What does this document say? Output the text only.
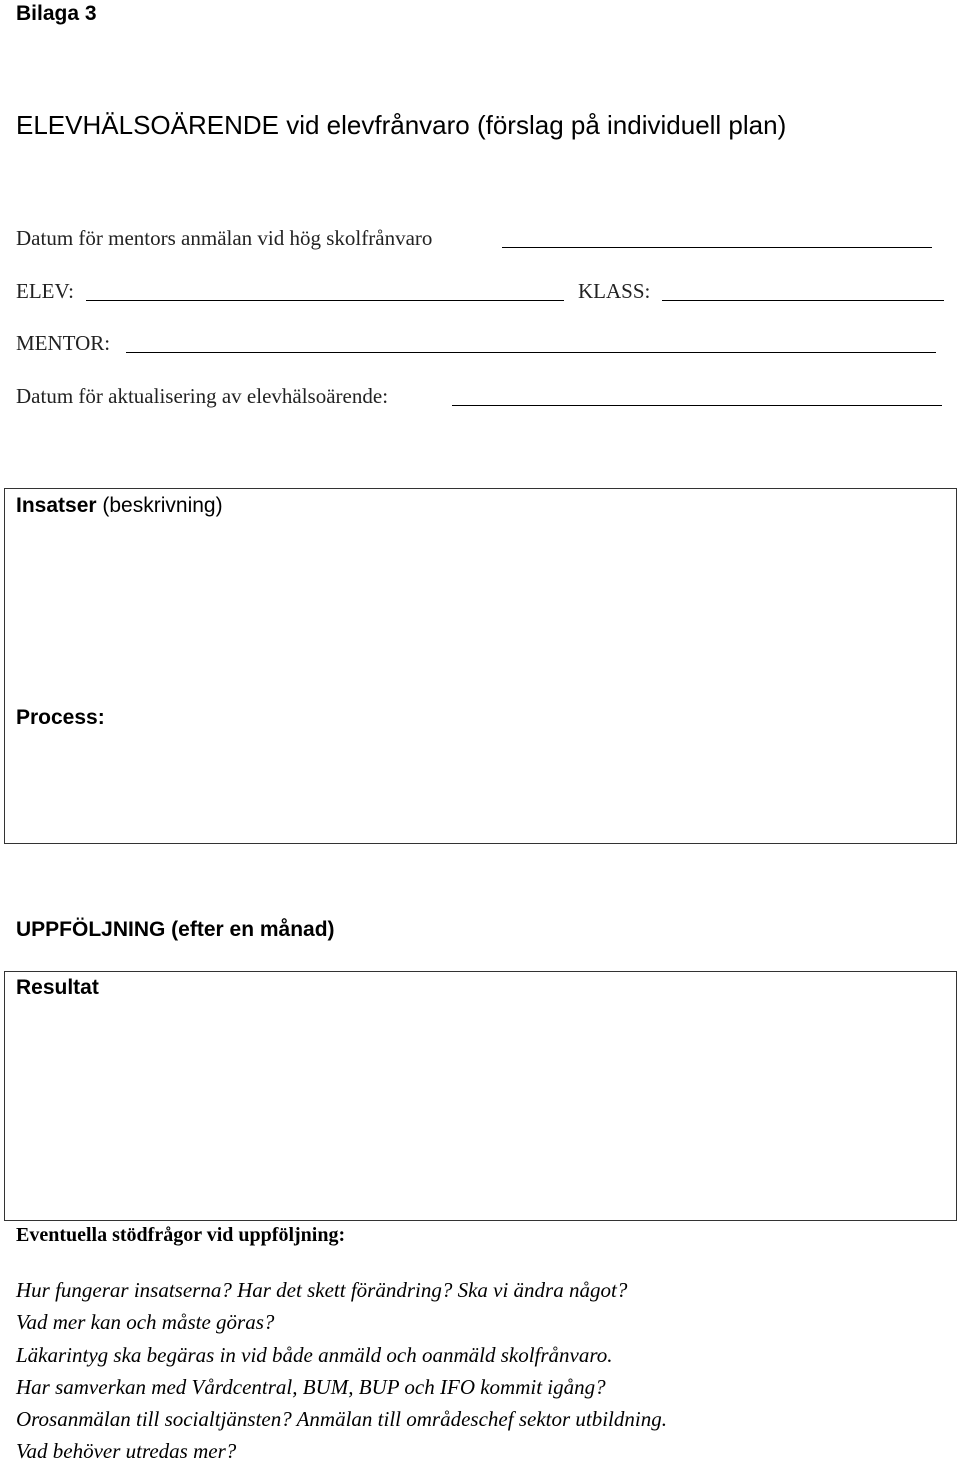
Bilaga 3
ELEVHÄLSOÄRENDE vid elevfrånvaro (förslag på individuell plan)
Datum för mentors anmälan vid hög skolfrånvaro
ELEV:	KLASS:
MENTOR:
Datum för aktualisering av elevhälsoärende:
Insatser (beskrivning)
Process:
UPPFÖLJNING (efter en månad)
Resultat
Eventuella stödfrågor vid uppföljning:
Hur fungerar insatserna? Har det skett förändring? Ska vi ändra något?
Vad mer kan och måste göras?
Läkarintyg ska begäras in vid både anmäld och oanmäld skolfrånvaro.
Har samverkan med Vårdcentral, BUM, BUP och IFO kommit igång?
Orosanmälan till socialtjänsten? Anmälan till områdeschef sektor utbildning.
Vad behöver utredas mer?
